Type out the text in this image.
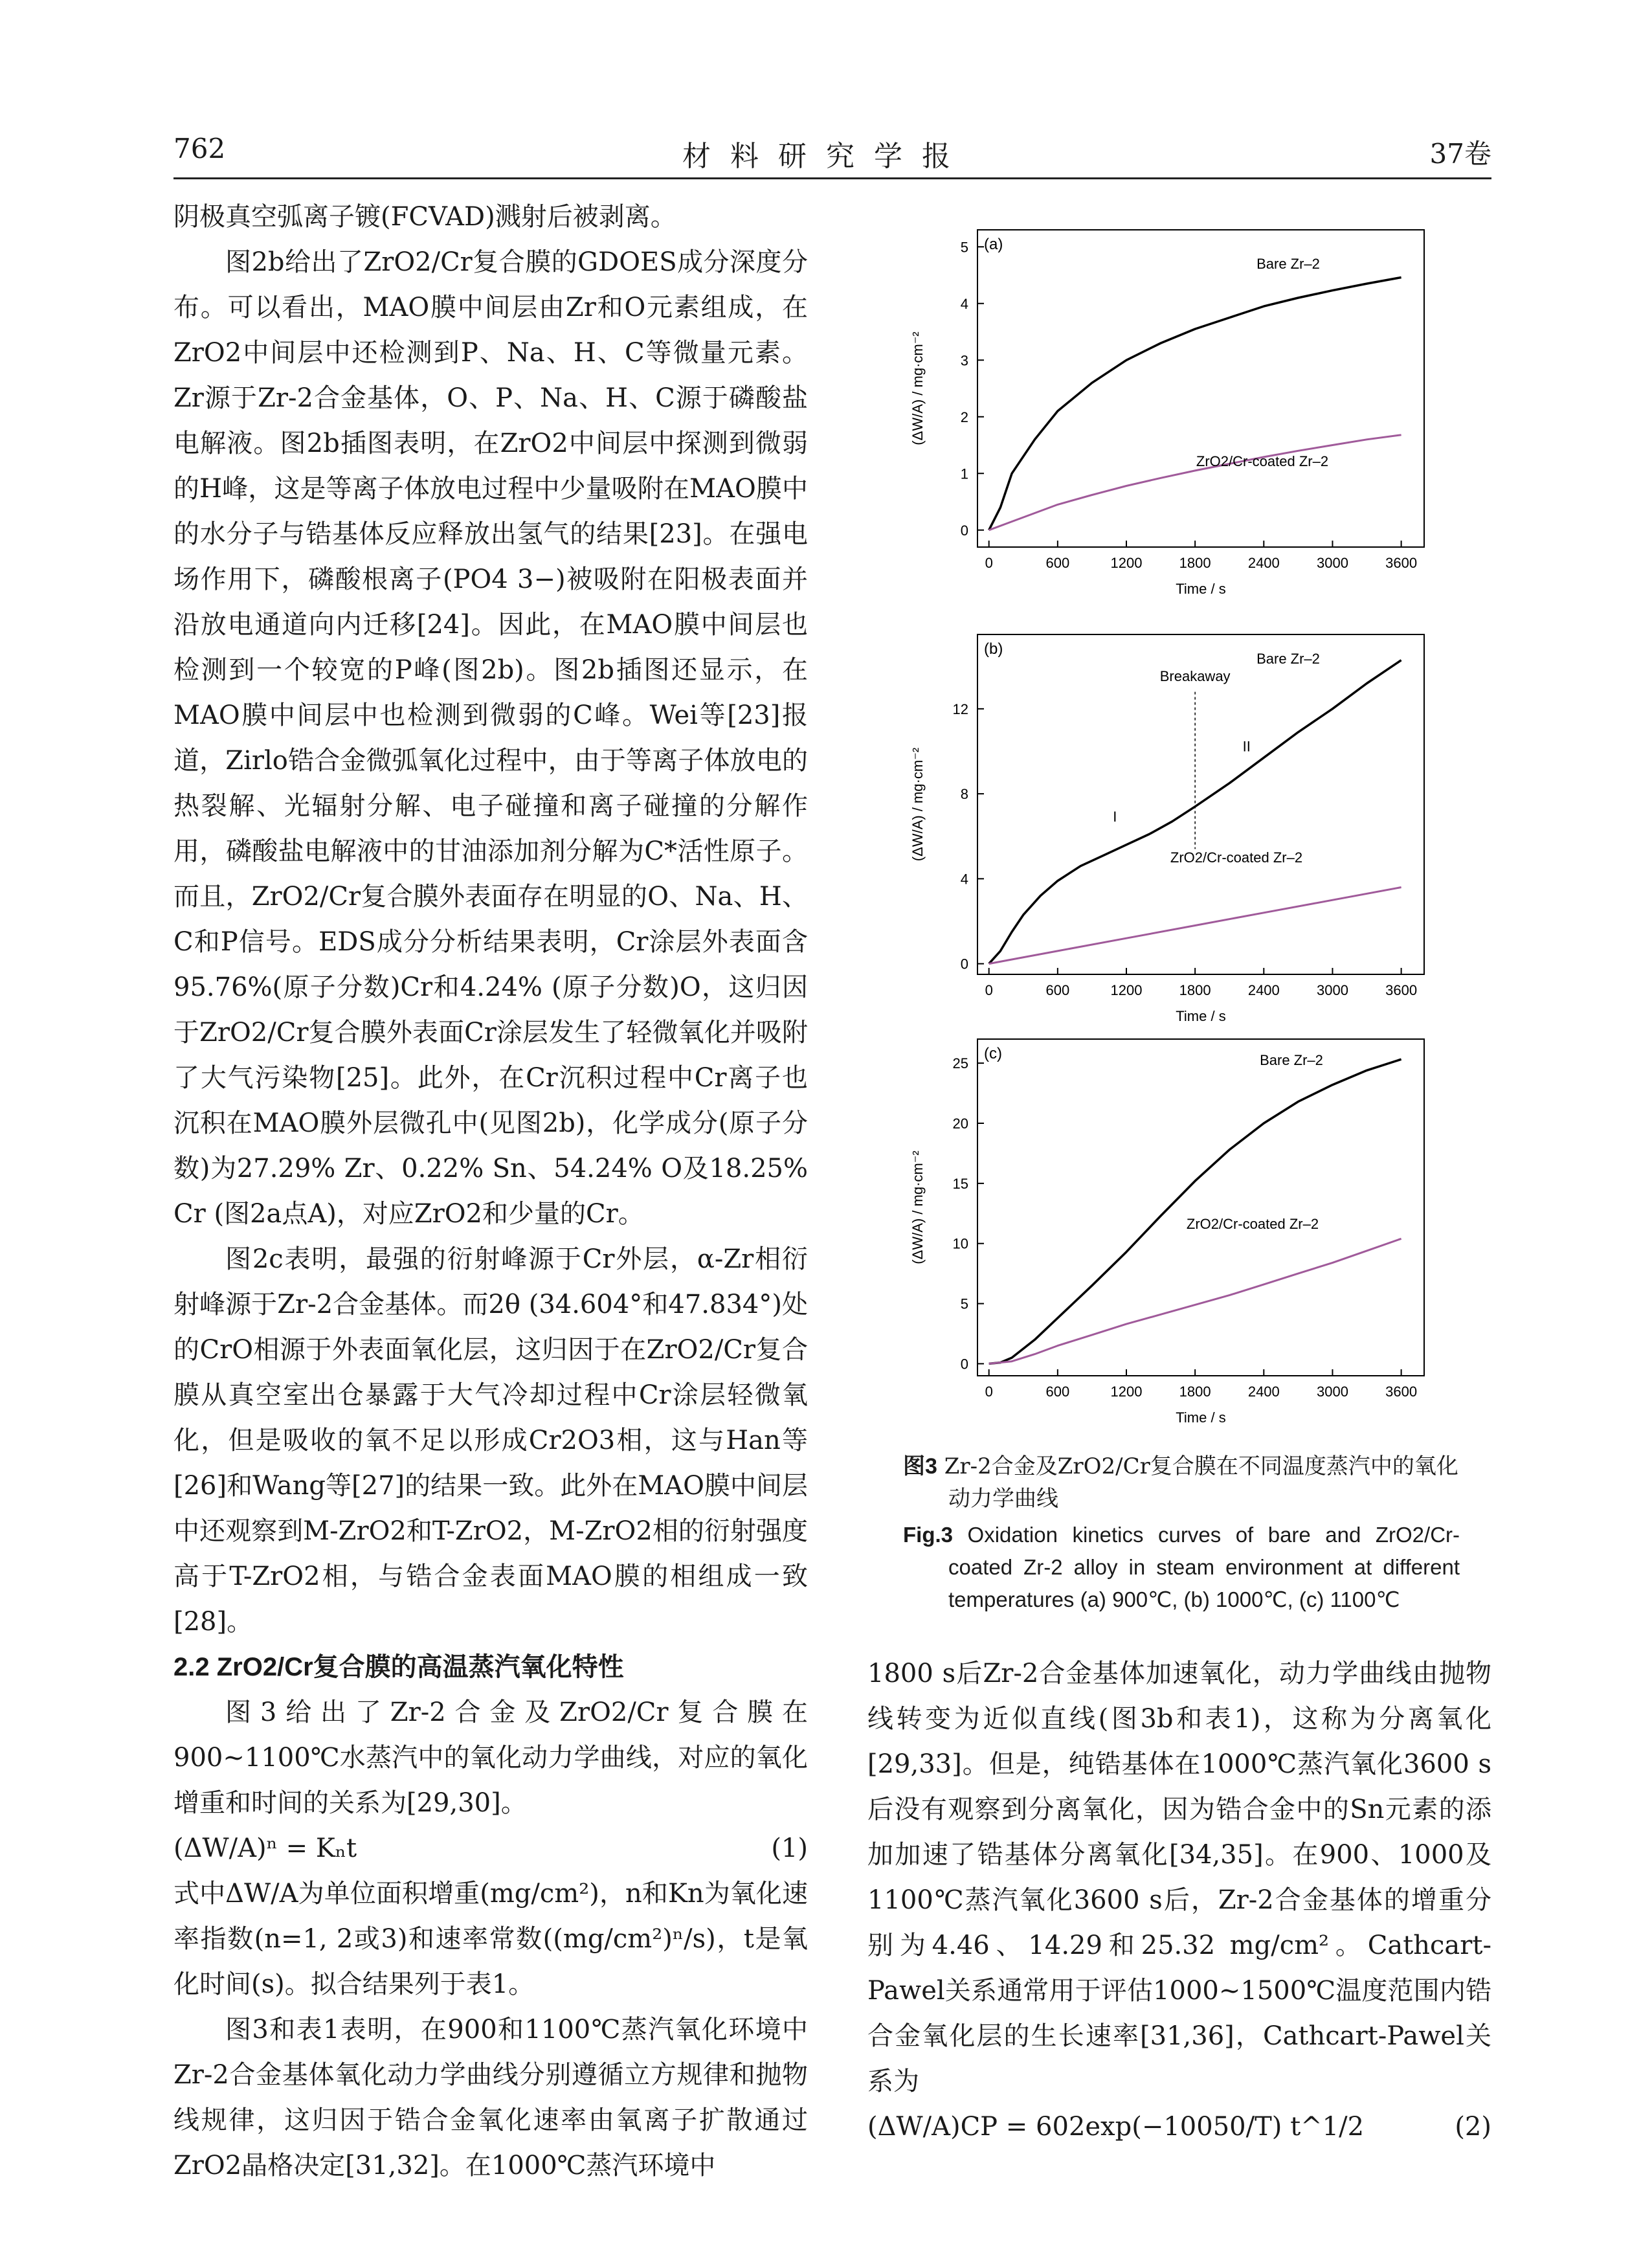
762	材料研究学报	37卷

阴极真空弧离子镀(FCVAD)溅射后被剥离。

图2b给出了ZrO2/Cr复合膜的GDOES成分深度分布。可以看出，MAO膜中间层由Zr和O元素组成，在ZrO2中间层中还检测到P、Na、H、C等微量元素。Zr源于Zr-2合金基体，O、P、Na、H、C源于磷酸盐电解液。图2b插图表明，在ZrO2中间层中探测到微弱的H峰，这是等离子体放电过程中少量吸附在MAO膜中的水分子与锆基体反应释放出氢气的结果[23]。在强电场作用下，磷酸根离子(PO4 3−)被吸附在阳极表面并沿放电通道向内迁移[24]。因此，在MAO膜中间层也检测到一个较宽的P峰(图2b)。图2b插图还显示，在MAO膜中间层中也检测到微弱的C峰。Wei等[23]报道，Zirlo锆合金微弧氧化过程中，由于等离子体放电的热裂解、光辐射分解、电子碰撞和离子碰撞的分解作用，磷酸盐电解液中的甘油添加剂分解为C*活性原子。而且，ZrO2/Cr复合膜外表面存在明显的O、Na、H、C和P信号。EDS成分分析结果表明，Cr涂层外表面含95.76%(原子分数)Cr和4.24% (原子分数)O，这归因于ZrO2/Cr复合膜外表面Cr涂层发生了轻微氧化并吸附了大气污染物[25]。此外，在Cr沉积过程中Cr离子也沉积在MAO膜外层微孔中(见图2b)，化学成分(原子分数)为27.29% Zr、0.22% Sn、54.24% O及18.25% Cr (图2a点A)，对应ZrO2和少量的Cr。

图2c表明，最强的衍射峰源于Cr外层，α-Zr相衍射峰源于Zr-2合金基体。而2θ (34.604°和47.834°)处的CrO相源于外表面氧化层，这归因于在ZrO2/Cr复合膜从真空室出仓暴露于大气冷却过程中Cr涂层轻微氧化，但是吸收的氧不足以形成Cr2O3相，这与Han等[26]和Wang等[27]的结果一致。此外在MAO膜中间层中还观察到M-ZrO2和T-ZrO2，M-ZrO2相的衍射强度高于T-ZrO2相，与锆合金表面MAO膜的相组成一致[28]。

2.2 ZrO2/Cr复合膜的高温蒸汽氧化特性

图3给出了Zr-2合金及ZrO2/Cr复合膜在900~1100℃水蒸汽中的氧化动力学曲线，对应的氧化增重和时间的关系为[29,30]。

(ΔW/A)ⁿ = Kₙt	(1)

式中ΔW/A为单位面积增重(mg/cm²)，n和Kn为氧化速率指数(n=1, 2或3)和速率常数((mg/cm²)ⁿ/s)，t是氧化时间(s)。拟合结果列于表1。

图3和表1表明，在900和1100℃蒸汽氧化环境中Zr-2合金基体氧化动力学曲线分别遵循立方规律和抛物线规律，这归因于锆合金氧化速率由氧离子扩散通过ZrO2晶格决定[31,32]。在1000℃蒸汽环境中

(a)
0	600	1200	1800	2400	3000	3600
0
1
2
3
4
5
Time / s
(ΔW/A) / mg·cm⁻²
Bare Zr–2
ZrO2/Cr-coated Zr–2
(b)
0	600	1200	1800	2400	3000	3600
0
4
8
12
Time / s
(ΔW/A) / mg·cm⁻²
Bare Zr–2
ZrO2/Cr-coated Zr–2
Breakaway
I
II
(c)
0	600	1200	1800	2400	3000	3600
0
5
10
15
20
25
Time / s
(ΔW/A) / mg·cm⁻²
Bare Zr–2
ZrO2/Cr-coated Zr–2

图3 Zr-2合金及ZrO2/Cr复合膜在不同温度蒸汽中的氧化动力学曲线

Fig.3 Oxidation kinetics curves of bare and ZrO2/Cr-coated Zr-2 alloy in steam environment at different temperatures (a) 900℃, (b) 1000℃, (c) 1100℃

1800 s后Zr-2合金基体加速氧化，动力学曲线由抛物线转变为近似直线(图3b和表1)，这称为分离氧化[29,33]。但是，纯锆基体在1000℃蒸汽氧化3600 s后没有观察到分离氧化，因为锆合金中的Sn元素的添加加速了锆基体分离氧化[34,35]。在900、1000及1100℃蒸汽氧化3600 s后，Zr-2合金基体的增重分别为4.46、14.29和25.32 mg/cm²。Cathcart-Pawel关系通常用于评估1000~1500℃温度范围内锆合金氧化层的生长速率[31,36]，Cathcart-Pawel关系为

(ΔW/A)CP = 602exp(−10050/T) t^1/2	(2)
